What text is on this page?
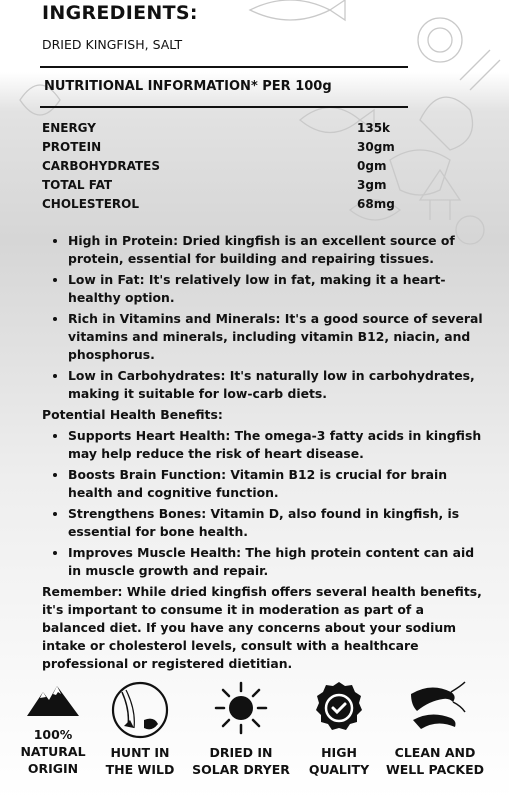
INGREDIENTS:
DRIED KINGFISH, SALT
NUTRITIONAL INFORMATION* PER 100g
ENERGY	135k
PROTEIN	30gm
CARBOHYDRATES	0gm
TOTAL FAT	3gm
CHOLESTEROL	68mg
• High in Protein: Dried kingfish is an excellent source of protein, essential for building and repairing tissues.
• Low in Fat: It's relatively low in fat, making it a heart-healthy option.
• Rich in Vitamins and Minerals: It's a good source of several vitamins and minerals, including vitamin B12, niacin, and phosphorus.
• Low in Carbohydrates: It's naturally low in carbohydrates, making it suitable for low-carb diets.

Potential Health Benefits:

• Supports Heart Health: The omega-3 fatty acids in kingfish may help reduce the risk of heart disease.
• Boosts Brain Function: Vitamin B12 is crucial for brain health and cognitive function.
• Strengthens Bones: Vitamin D, also found in kingfish, is essential for bone health.
• Improves Muscle Health: The high protein content can aid in muscle growth and repair.

Remember: While dried kingfish offers several health benefits, it's important to consume it in moderation as part of a balanced diet. If you have any concerns about your sodium intake or cholesterol levels, consult with a healthcare professional or registered dietitian.

100%
NATURAL
ORIGIN
HUNT IN
THE WILD
DRIED IN
SOLAR DRYER
HIGH
QUALITY
CLEAN AND
WELL PACKED
